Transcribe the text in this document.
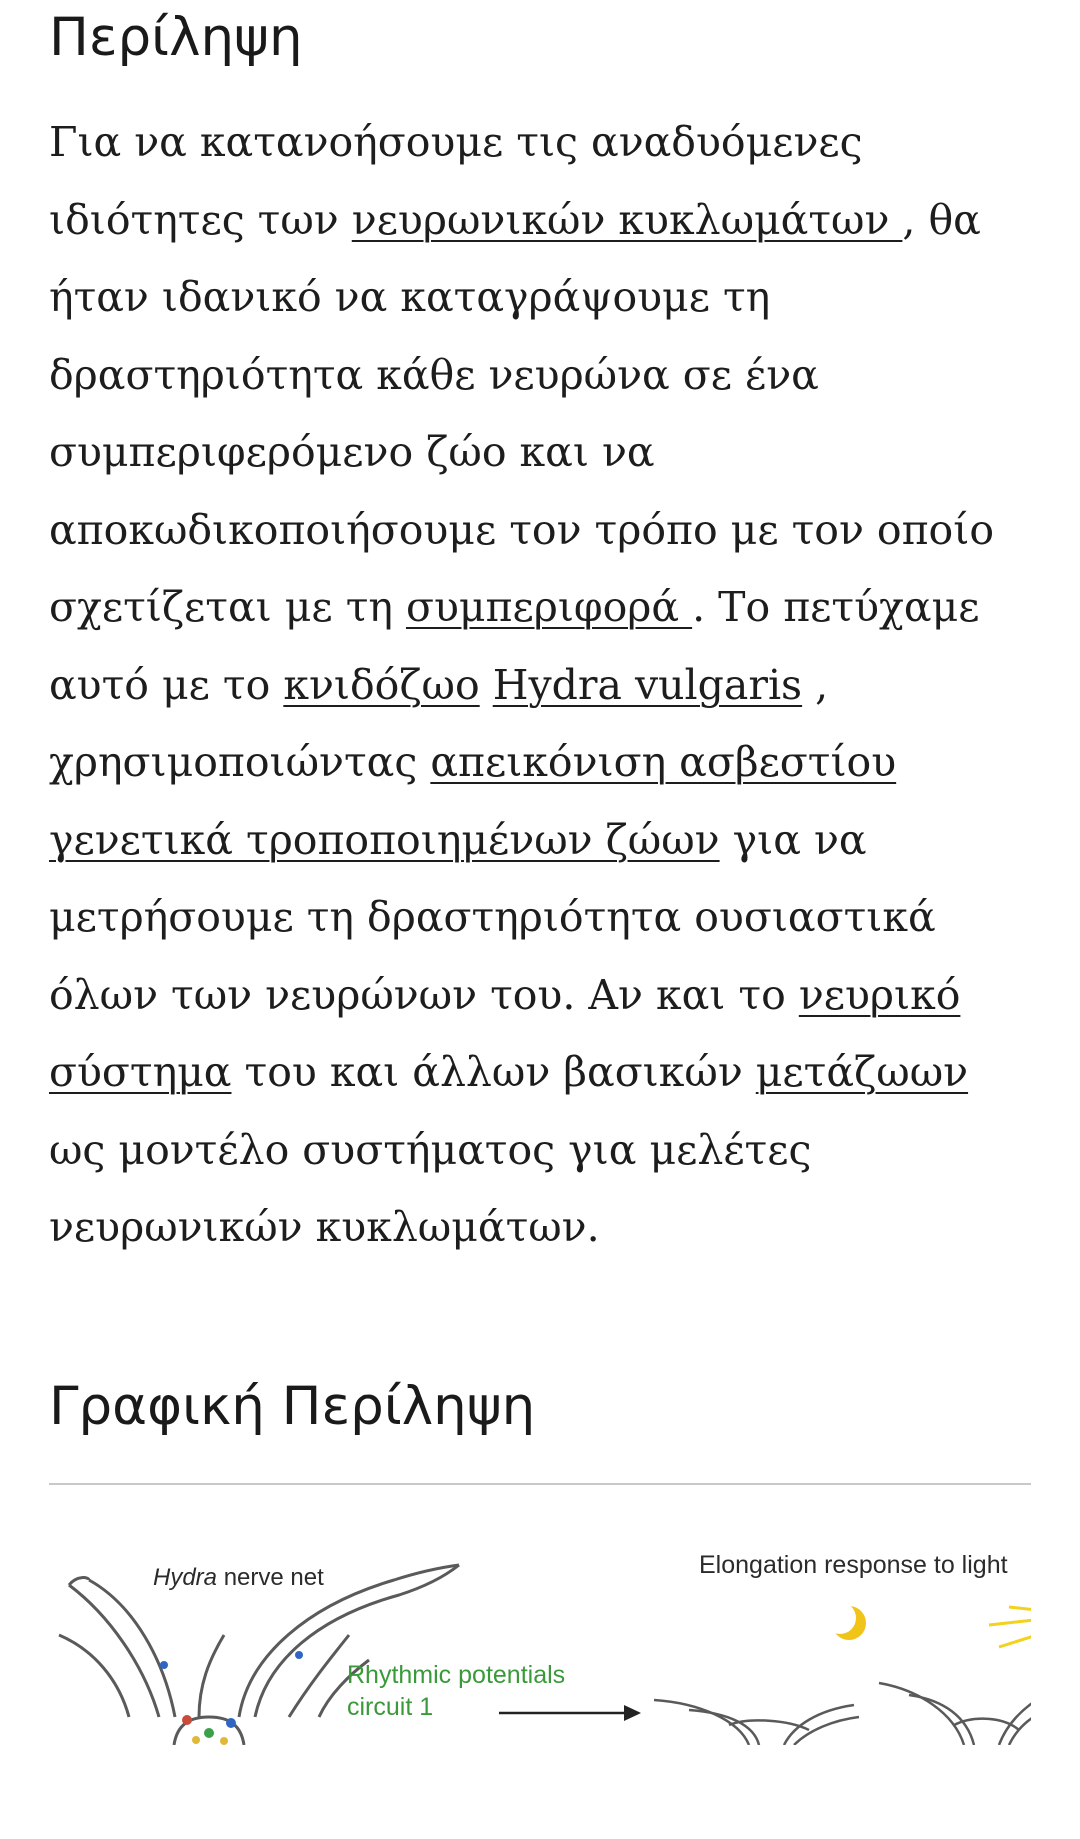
Περίληψη

Για να κατανοήσουμε τις αναδυόμενες ιδιότητες των νευρωνικών κυκλωμάτων , θα ήταν ιδανικό να καταγράψουμε τη δραστηριότητα κάθε νευρώνα σε ένα συμπεριφερόμενο ζώο και να αποκωδικοποιήσουμε τον τρόπο με τον οποίο σχετίζεται με τη συμπεριφορά . Το πετύχαμε αυτό με το κνιδόζωο Hydra vulgaris , χρησιμοποιώντας απεικόνιση ασβεστίου γενετικά τροποποιημένων ζώων για να μετρήσουμε τη δραστηριότητα ουσιαστικά όλων των νευρώνων του. Αν και το νευρικό σύστημα του και άλλων βασικών μετάζωων ως μοντέλο συστήματος για μελέτες νευρωνικών κυκλωμάτων.

Γραφική Περίληψη
Hydra nerve net
Rhythmic potentials
circuit 1
Elongation response to light
